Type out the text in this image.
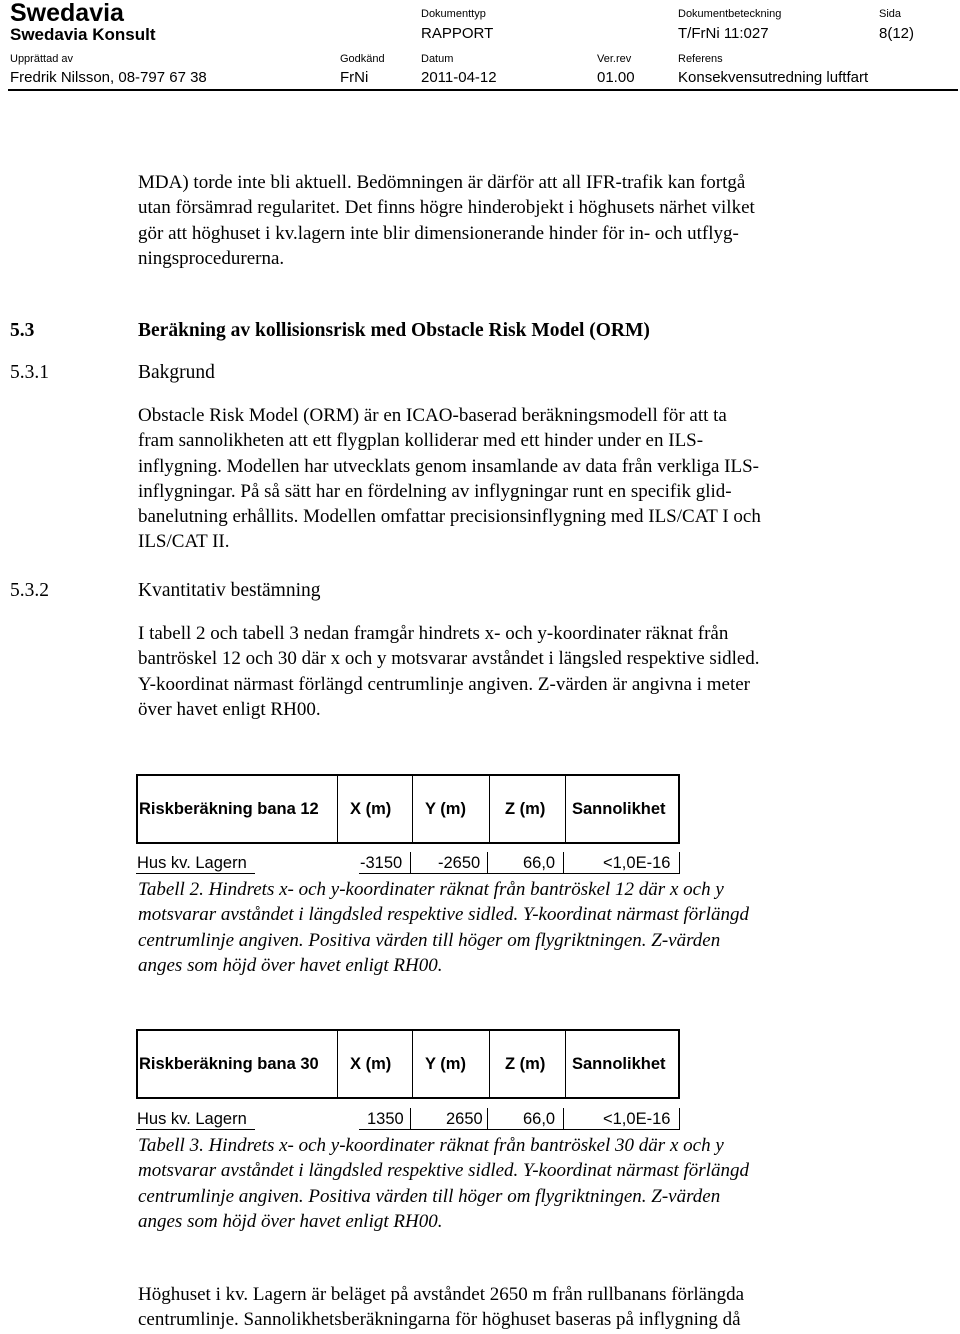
Swedavia
Swedavia Konsult
Dokumenttyp
RAPPORT
Dokumentbeteckning
T/FrNi 11:027
Sida
8(12)
Upprättad av
Fredrik Nilsson, 08-797 67 38
Godkänd
FrNi
Datum
2011-04-12
Ver.rev
01.00
Referens
Konsekvensutredning luftfart
MDA) torde inte bli aktuell. Bedömningen är därför att all IFR-trafik kan fortgå
utan försämrad regularitet. Det finns högre hinderobjekt i höghusets närhet vilket
gör att höghuset i kv.lagern inte blir dimensionerande hinder för in- och utflyg-
ningsprocedurerna.
5.3	Beräkning av kollisionsrisk med Obstacle Risk Model (ORM)
5.3.1	Bakgrund
Obstacle Risk Model (ORM) är en ICAO-baserad beräkningsmodell för att ta
fram sannolikheten att ett flygplan kolliderar med ett hinder under en ILS-
inflygning. Modellen har utvecklats genom insamlande av data från verkliga ILS-
inflygningar. På så sätt har en fördelning av inflygningar runt en specifik glid-
banelutning erhållits. Modellen omfattar precisionsinflygning med ILS/CAT I och
ILS/CAT II.
5.3.2	Kvantitativ bestämning
I tabell 2 och tabell 3 nedan framgår hindrets x- och y-koordinater räknat från
bantröskel 12 och 30 där x och y motsvarar avståndet i längsled respektive sidled.
Y-koordinat närmast förlängd centrumlinje angiven. Z-värden är angivna i meter
över havet enligt RH00.
Riskberäkning bana 12 X (m) Y (m) Z (m) Sannolikhet
Hus kv. Lagern	-3150 -2650	66,0	<1,0E-16
Tabell 2. Hindrets x- och y-koordinater räknat från bantröskel 12 där x och y
motsvarar avståndet i längdsled respektive sidled. Y-koordinat närmast förlängd
centrumlinje angiven. Positiva värden till höger om flygriktningen. Z-värden
anges som höjd över havet enligt RH00.
Riskberäkning bana 30 X (m) Y (m) Z (m) Sannolikhet
Hus kv. Lagern	1350	2650 66,0	<1,0E-16
Tabell 3. Hindrets x- och y-koordinater räknat från bantröskel 30 där x och y
motsvarar avståndet i längdsled respektive sidled. Y-koordinat närmast förlängd
centrumlinje angiven. Positiva värden till höger om flygriktningen. Z-värden
anges som höjd över havet enligt RH00.
Höghuset i kv. Lagern är beläget på avståndet 2650 m från rullbanans förlängda
centrumlinje. Sannolikhetsberäkningarna för höghuset baseras på inflygning då
